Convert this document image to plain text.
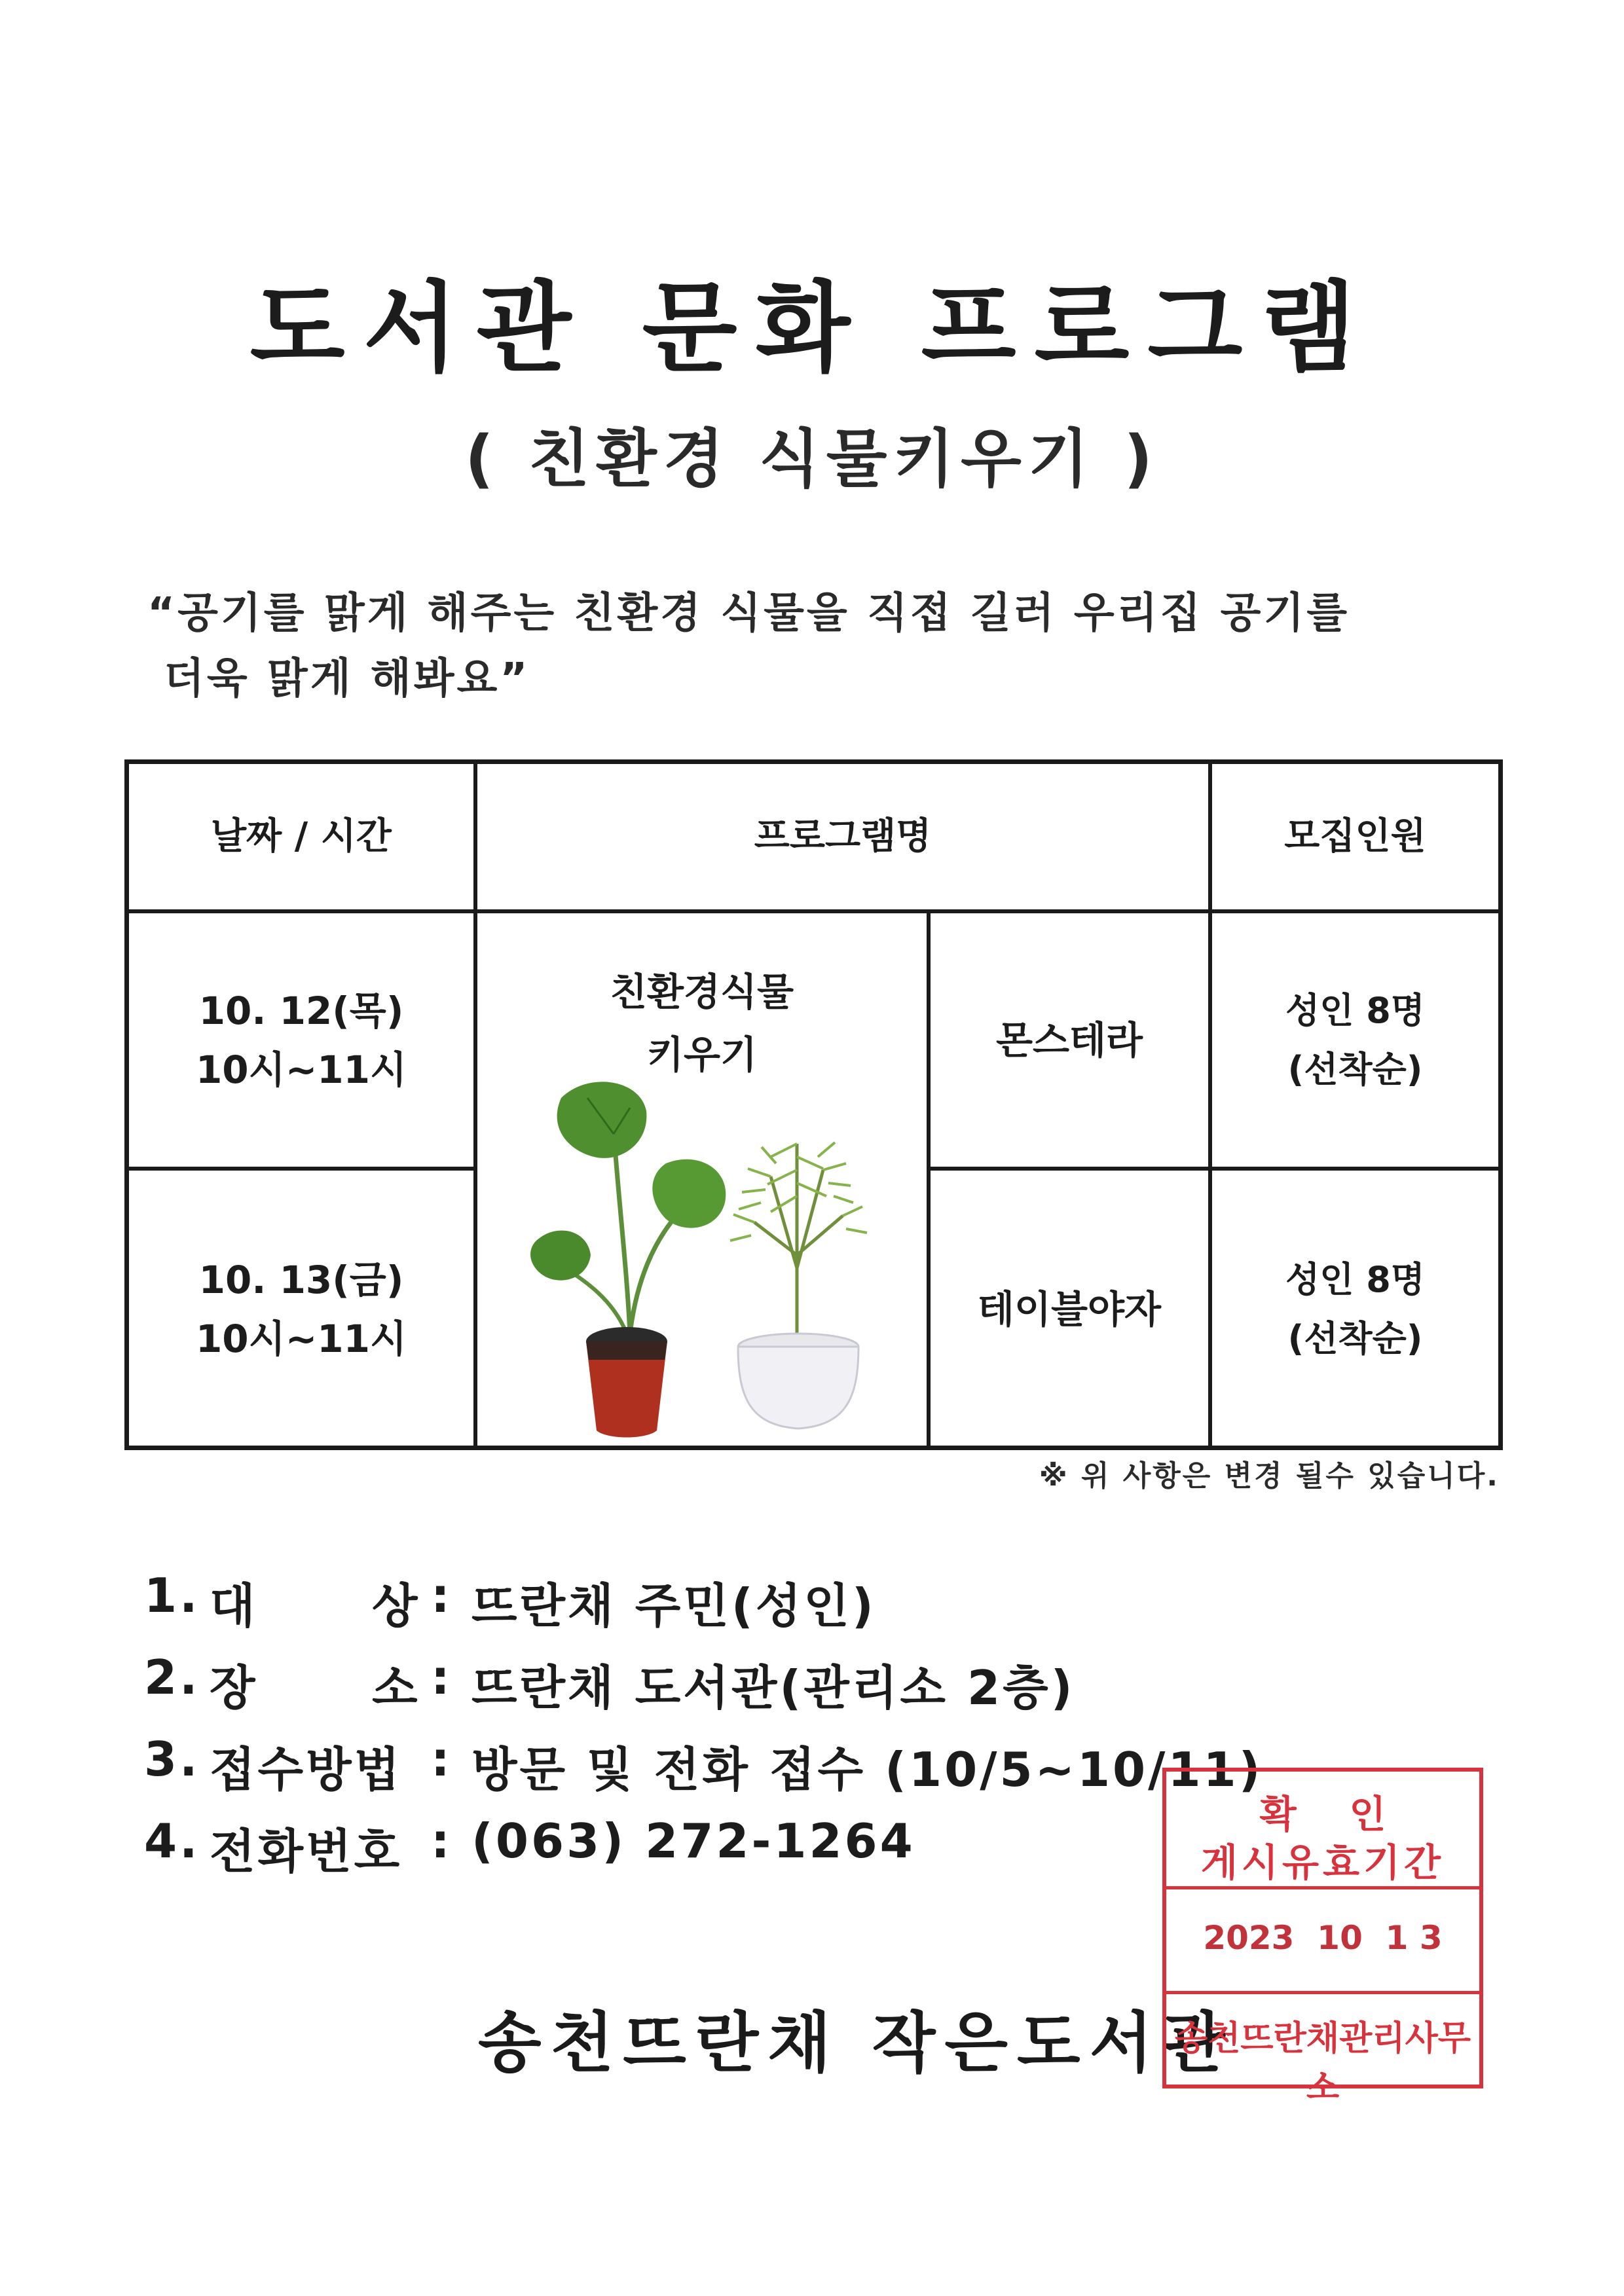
도서관 문화 프로그램
( 친환경 식물키우기 )
“공기를 맑게 해주는 친환경 식물을 직접 길러 우리집 공기를
더욱 맑게 해봐요”
날짜 / 시간	프로그램명	모집인원
10. 12(목)
10시~11시
몬스테라
성인 8명
(선착순)
10. 13(금)
10시~11시
테이블야자
성인 8명
(선착순)
친환경식물
키우기
※ 위 사항은 변경 될수 있습니다.
1. 대      상 : 뜨란채 주민(성인)
2. 장      소 : 뜨란채 도서관(관리소 2층)
3. 접수방법 : 방문 및 전화 접수 (10/5~10/11)
4. 전화번호 : (063) 272-1264
송천뜨란채 작은도서관
확    인
게시유효기간
2023  10  1 3
송천뜨란채관리사무소
